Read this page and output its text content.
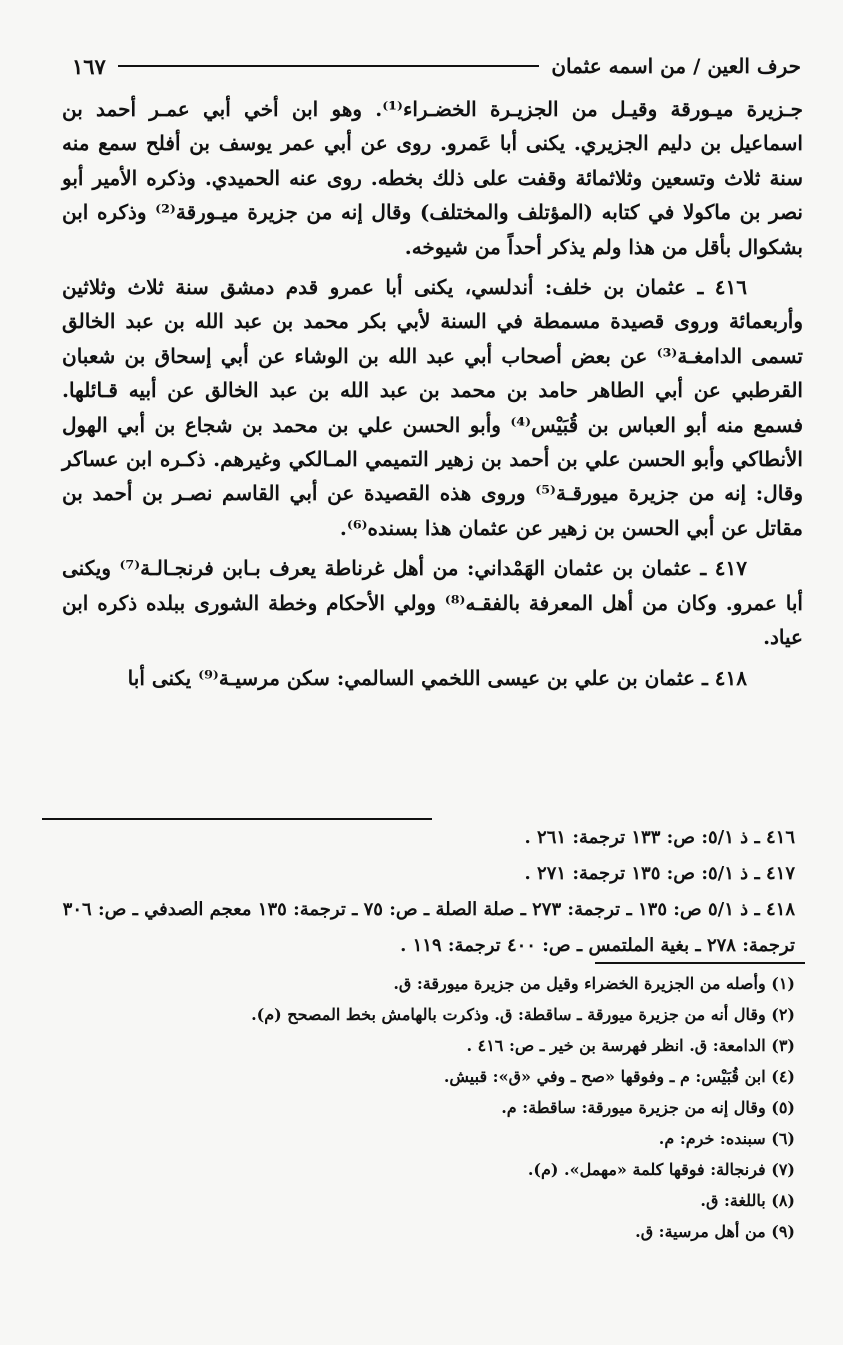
حرف العين / من اسمه عثمان
١٦٧

جـزيرة ميـورقة وقيـل من الجزيـرة الخضـراء⁽¹⁾. وهو ابن أخي أبي عمـر أحمد بن اسماعيل بن دليم الجزيري. يكنى أبا عَمرو. روى عن أبي عمر يوسف بن أفلح سمع منه سنة ثلاث وتسعين وثلاثمائة وقفت على ذلك بخطه. روى عنه الحميدي. وذكره الأمير أبو نصر بن ماكولا في كتابه (المؤتلف والمختلف) وقال إنه من جزيرة ميـورقة⁽²⁾ وذكره ابن بشكوال بأقل من هذا ولم يذكر أحداً من شيوخه.

٤١٦ ـ عثمان بن خلف: أندلسي، يكنى أبا عمرو قدم دمشق سنة ثلاث وثلاثين وأربعمائة وروى قصيدة مسمطة في السنة لأبي بكر محمد بن عبد الله بن عبد الخالق تسمى الدامغـة⁽³⁾ عن بعض أصحاب أبي عبد الله بن الوشاء عن أبي إسحاق بن شعبان القرطبي عن أبي الطاهر حامد بن محمد بن عبد الله بن عبد الخالق عن أبيه قـائلها. فسمع منه أبو العباس بن قُبَيْس⁽⁴⁾ وأبو الحسن علي بن محمد بن شجاع بن أبي الهول الأنطاكي وأبو الحسن علي بن أحمد بن زهير التميمي المـالكي وغيرهم. ذكـره ابن عساكر وقال: إنه من جزيرة ميورقـة⁽⁵⁾ وروى هذه القصيدة عن أبي القاسم نصـر بن أحمد بن مقاتل عن أبي الحسن بن زهير عن عثمان هذا بسنده⁽⁶⁾.

٤١٧ ـ عثمان بن عثمان الهَمْداني: من أهل غرناطة يعرف بـابن فرنجـالـة⁽⁷⁾ ويكنى أبا عمرو. وكان من أهل المعرفة بالفقـه⁽⁸⁾ وولي الأحكام وخطة الشورى ببلده ذكره ابن عياد.

٤١٨ ـ عثمان بن علي بن عيسى اللخمي السالمي: سكن مرسيـة⁽⁹⁾ يكنى أبا

٤١٦ ـ ذ ٥/١: ص: ١٣٣ ترجمة: ٢٦١ .

٤١٧ ـ ذ ٥/١: ص: ١٣٥ ترجمة: ٢٧١ .

٤١٨ ـ ذ ٥/١ ص: ١٣٥ ـ ترجمة: ٢٧٣ ـ صلة الصلة ـ ص: ٧٥ ـ ترجمة: ١٣٥ معجم الصدفي ـ ص: ٣٠٦ ترجمة: ٢٧٨ ـ بغية الملتمس ـ ص: ٤٠٠ ترجمة: ١١٩ .

(١) وأصله من الجزيرة الخضراء وقيل من جزيرة ميورقة: ق.

(٢) وقال أنه من جزيرة ميورقة ـ ساقطة: ق. وذكرت بالهامش بخط المصحح (م).

(٣) الدامعة: ق. انظر فهرسة بن خير ـ ص: ٤١٦ .

(٤) ابن قُبَيْس: م ـ وفوقها «صح ـ وفي «ق»: قبيش.

(٥) وقال إنه من جزيرة ميورقة: ساقطة: م.

(٦) سبنده: خرم: م.

(٧) فرنجالة: فوقها كلمة «مهمل». (م).

(٨) باللغة: ق.

(٩) من أهل مرسية: ق.
